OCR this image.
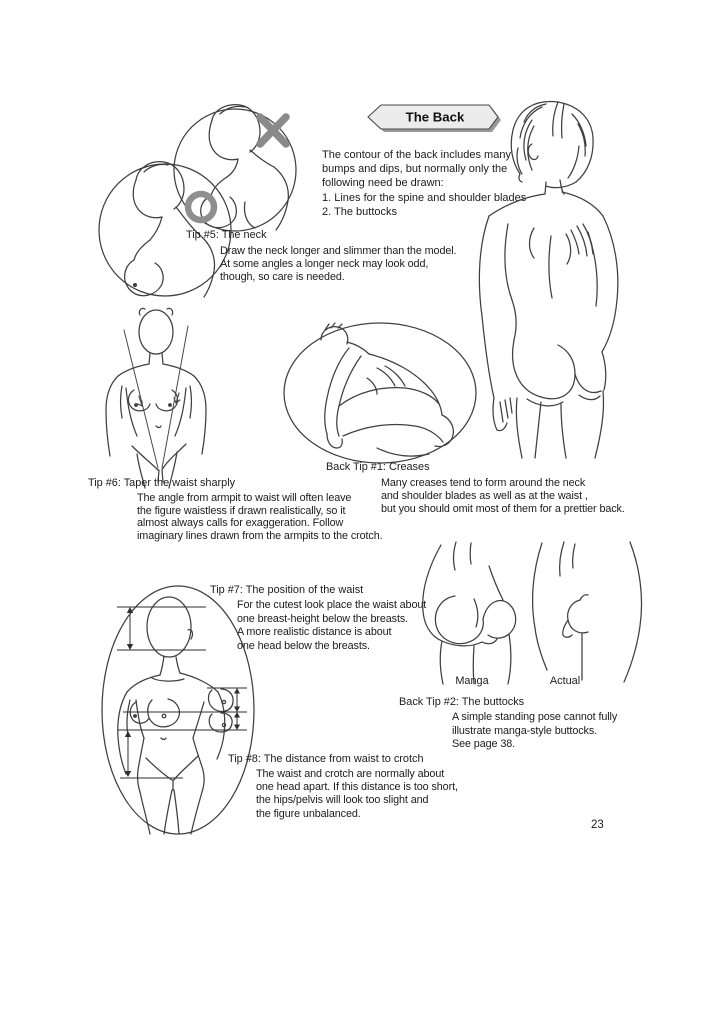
The Back
The contour of the back includes many
bumps and dips, but normally only the
following need be drawn:
1. Lines for the spine and shoulder blades
2. The buttocks
Tip #5: The neck
Draw the neck longer and slimmer than the model.
At some angles a longer neck may look odd,
though, so care is needed.
Tip #6: Taper the waist sharply
The angle from armpit to waist will often leave
the figure waistless if drawn realistically, so it
almost always calls for exaggeration. Follow
imaginary lines drawn from the armpits to the crotch.
Back Tip #1: Creases
Many creases tend to form around the neck
and shoulder blades as well as at the waist ,
but you should omit most of them for a prettier back.
Tip #7: The position of the waist
For the cutest look place the waist about
one breast-height below the breasts.
A more realistic distance is about
one head below the breasts.
Tip #8: The distance from waist to crotch
The waist and crotch are normally about
one head apart. If this distance is too short,
the hips/pelvis will look too slight and
the figure unbalanced.
Manga	Actual
Back Tip #2: The buttocks
A simple standing pose cannot fully
illustrate manga-style buttocks.
See page 38.
23
